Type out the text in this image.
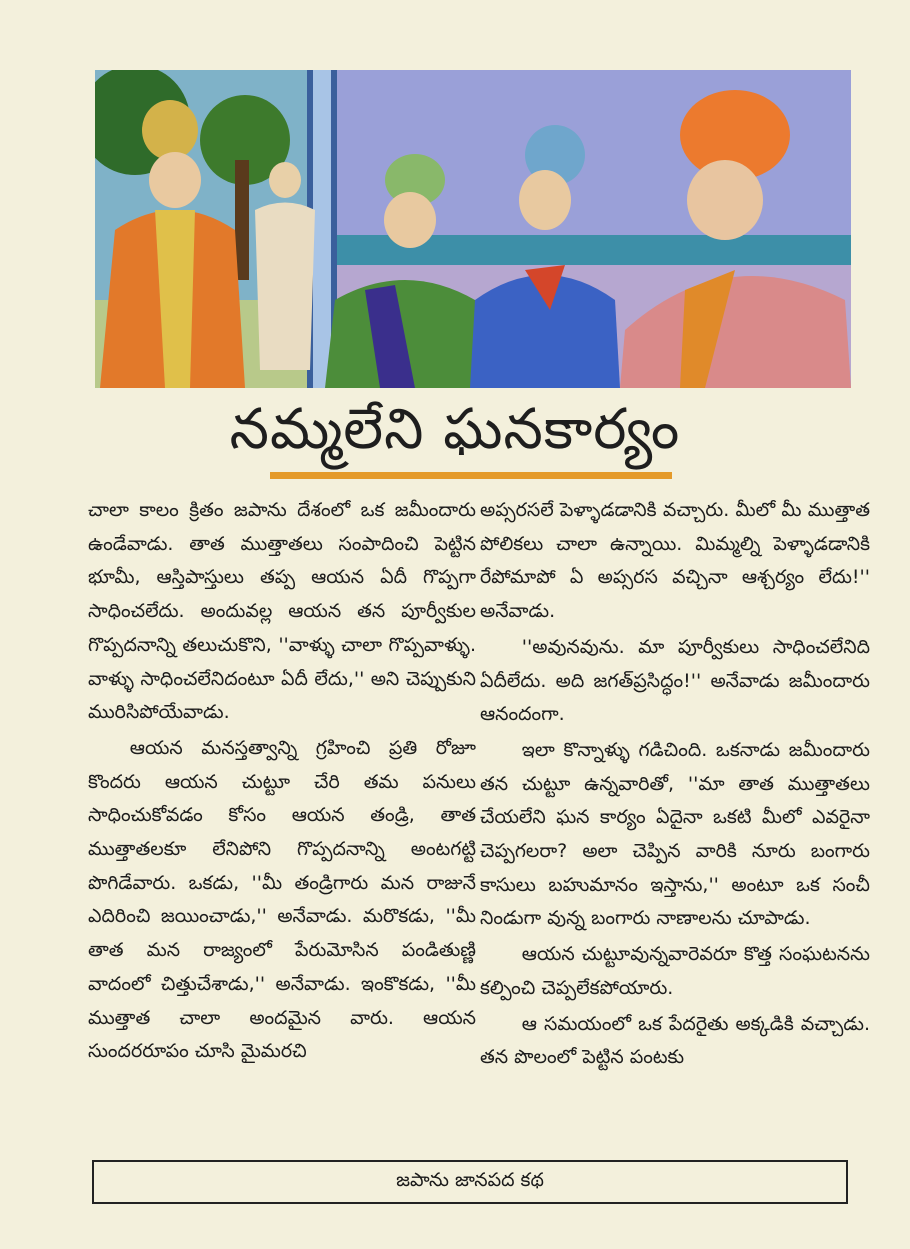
నమ్మలేని ఘనకార్యం

చాలా కాలం క్రితం జపాను దేశంలో ఒక జమీందారు ఉండేవాడు. తాత ముత్తాతలు సంపాదించి పెట్టిన భూమీ, ఆస్తిపాస్తులు తప్ప ఆయన ఏదీ గొప్పగా సాధించలేదు. అందువల్ల ఆయన తన పూర్వీకుల గొప్పదనాన్ని తలుచుకొని, ''వాళ్ళు చాలా గొప్పవాళ్ళు. వాళ్ళు సాధించలేనిదంటూ ఏదీ లేదు,'' అని చెప్పుకుని మురిసిపోయేవాడు.

ఆయన మనస్తత్వాన్ని గ్రహించి ప్రతి రోజూ కొందరు ఆయన చుట్టూ చేరి తమ పనులు సాధించుకోవడం కోసం ఆయన తండ్రి, తాత ముత్తాతలకూ లేనిపోని గొప్పదనాన్ని అంటగట్టి పొగిడేవారు. ఒకడు, ''మీ తండ్రిగారు మన రాజునే ఎదిరించి జయించాడు,'' అనేవాడు. మరొకడు, ''మీ తాత మన రాజ్యంలో పేరుమోసిన పండితుణ్ణి వాదంలో చిత్తుచేశాడు,'' అనేవాడు. ఇంకొకడు, ''మీ ముత్తాత చాలా అందమైన వారు. ఆయన సుందరరూపం చూసి మైమరచి

అప్సరసలే పెళ్ళాడడానికి వచ్చారు. మీలో మీ ముత్తాత పోలికలు చాలా ఉన్నాయి. మిమ్మల్ని పెళ్ళాడడానికి రేపోమాపో ఏ అప్సరస వచ్చినా ఆశ్చర్యం లేదు!'' అనేవాడు.

''అవునవును. మా పూర్వీకులు సాధించలేనిది ఏదీలేదు. అది జగత్‌ప్రసిద్ధం!'' అనేవాడు జమీందారు ఆనందంగా.

ఇలా కొన్నాళ్ళు గడిచింది. ఒకనాడు జమీందారు తన చుట్టూ ఉన్నవారితో, ''మా తాత ముత్తాతలు చేయలేని ఘన కార్యం ఏదైనా ఒకటి మీలో ఎవరైనా చెప్పగలరా? అలా చెప్పిన వారికి నూరు బంగారు కాసులు బహుమానం ఇస్తాను,'' అంటూ ఒక సంచీ నిండుగా వున్న బంగారు నాణాలను చూపాడు.

ఆయన చుట్టూవున్నవారెవరూ కొత్త సంఘటనను కల్పించి చెప్పలేకపోయారు.

ఆ సమయంలో ఒక పేదరైతు అక్కడికి వచ్చాడు. తన పొలంలో పెట్టిన పంటకు

జపాను జానపద కథ
